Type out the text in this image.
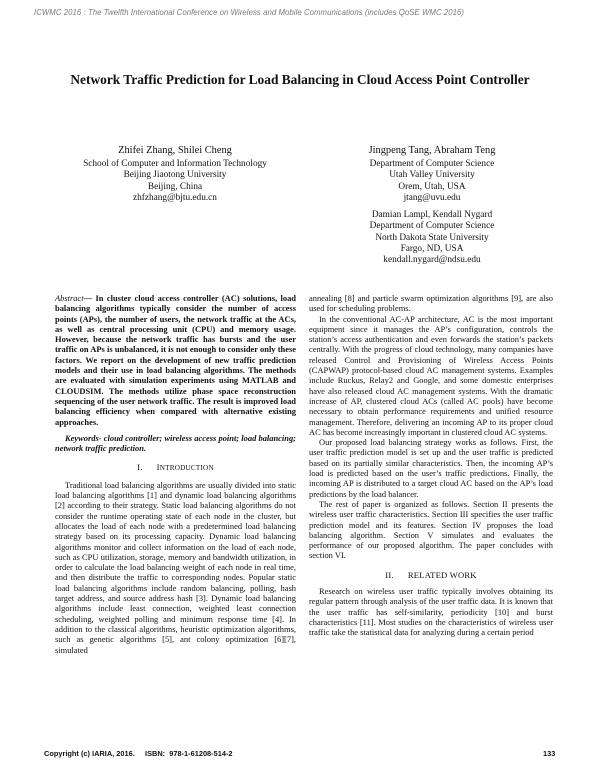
ICWMC 2016 : The Twelfth International Conference on Wireless and Mobile Communications (includes QoSE WMC 2016)
Network Traffic Prediction for Load Balancing in Cloud Access Point Controller
Zhifei Zhang, Shilei Cheng
School of Computer and Information Technology
Beijing Jiaotong University
Beijing, China
zhfzhang@bjtu.edu.cn
Jingpeng Tang, Abraham Teng
Department of Computer Science
Utah Valley University
Orem, Utah, USA
jtang@uvu.edu
Damian Lampl, Kendall Nygard
Department of Computer Science
North Dakota State University
Fargo, ND, USA
kendall.nygard@ndsu.edu

Abstract— In cluster cloud access controller (AC) solutions, load balancing algorithms typically consider the number of access points (APs), the number of users, the network traffic at the ACs, as well as central processing unit (CPU) and memory usage. However, because the network traffic has bursts and the user traffic on APs is unbalanced, it is not enough to consider only these factors. We report on the development of new traffic prediction models and their use in load balancing algorithms. The methods are evaluated with simulation experiments using MATLAB and CLOUDSIM. The methods utilize phase space reconstruction sequencing of the user network traffic. The result is improved load balancing efficiency when compared with alternative existing approaches.

Keywords- cloud controller; wireless access point; load balancing; network traffic prediction.

I. INTRODUCTION

Traditional load balancing algorithms are usually divided into static load balancing algorithms [1] and dynamic load balancing algorithms [2] according to their strategy. Static load balancing algorithms do not consider the runtime operating state of each node in the cluster, but allocates the load of each node with a predetermined load balancing strategy based on its processing capacity. Dynamic load balancing algorithms monitor and collect information on the load of each node, such as CPU utilization, storage, memory and bandwidth utilization, in order to calculate the load balancing weight of each node in real time, and then distribute the traffic to corresponding nodes. Popular static load balancing algorithms include random balancing, polling, hash target address, and source address hash [3]. Dynamic load balancing algorithms include least connection, weighted least connection scheduling, weighted polling and minimum response time [4]. In addition to the classical algorithms, heuristic optimization algorithms, such as genetic algorithms [5], ant colony optimization [6][7], simulated

annealing [8] and particle swarm optimization algorithms [9], are also used for scheduling problems.

In the conventional AC-AP architecture, AC is the most important equipment since it manages the AP’s configuration, controls the station’s access authentication and even forwards the station’s packets centrally. With the progress of cloud technology, many companies have released Control and Provisioning of Wireless Access Points (CAPWAP) protocol-based cloud AC management systems. Examples include Ruckus, Relay2 and Google, and some domestic enterprises have also released cloud AC management systems. With the dramatic increase of AP, clustered cloud ACs (called AC pools) have become necessary to obtain performance requirements and unified resource management. Therefore, delivering an incoming AP to its proper cloud AC has become increasingly important in clustered cloud AC systems.

Our proposed load balancing strategy works as follows. First, the user traffic prediction model is set up and the user traffic is predicted based on its partially similar characteristics. Then, the incoming AP’s load is predicted based on the user’s traffic predictions. Finally, the incoming AP is distributed to a target cloud AC based on the AP’s load predictions by the load balancer.

The rest of paper is organized as follows. Section II presents the wireless user traffic characteristics. Section III specifies the user traffic prediction model and its features. Section IV proposes the load balancing algorithm. Section V simulates and evaluates the performance of our proposed algorithm. The paper concludes with section VI.

II.      RELATED WORK

Research on wireless user traffic typically involves obtaining its regular pattern through analysis of the user traffic data. It is known that the user traffic has self-similarity, periodicity [10] and burst characteristics [11]. Most studies on the characteristics of wireless user traffic take the statistical data for analyzing during a certain period

Copyright (c) IARIA, 2016.     ISBN:  978-1-61208-514-2	133
